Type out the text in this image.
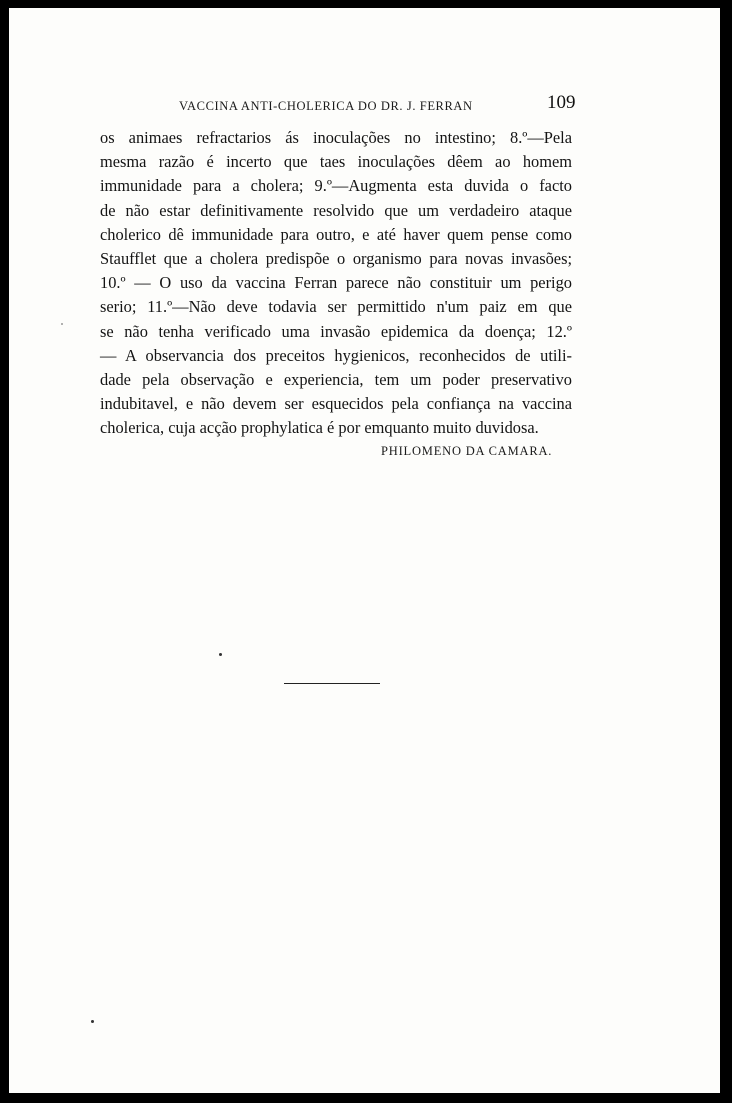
VACCINA ANTI-CHOLERICA DO DR. J. FERRAN	109
os animaes refractarios ás inoculações no intestino; 8.º—Pela
mesma razão é incerto que taes inoculações dêem ao homem
immunidade para a cholera; 9.º—Augmenta esta duvida o facto
de não estar definitivamente resolvido que um verdadeiro ataque
cholerico dê immunidade para outro, e até haver quem pense como
Staufflet que a cholera predispõe o organismo para novas invasões;
10.º — O uso da vaccina Ferran parece não constituir um perigo
serio; 11.º—Não deve todavia ser permittido n'um paiz em que
se não tenha verificado uma invasão epidemica da doença; 12.º
— A observancia dos preceitos hygienicos, reconhecidos de utili-
dade pela observação e experiencia, tem um poder preservativo
indubitavel, e não devem ser esquecidos pela confiança na vaccina
cholerica, cuja acção prophylatica é por emquanto muito duvidosa.
PHILOMENO DA CAMARA.
